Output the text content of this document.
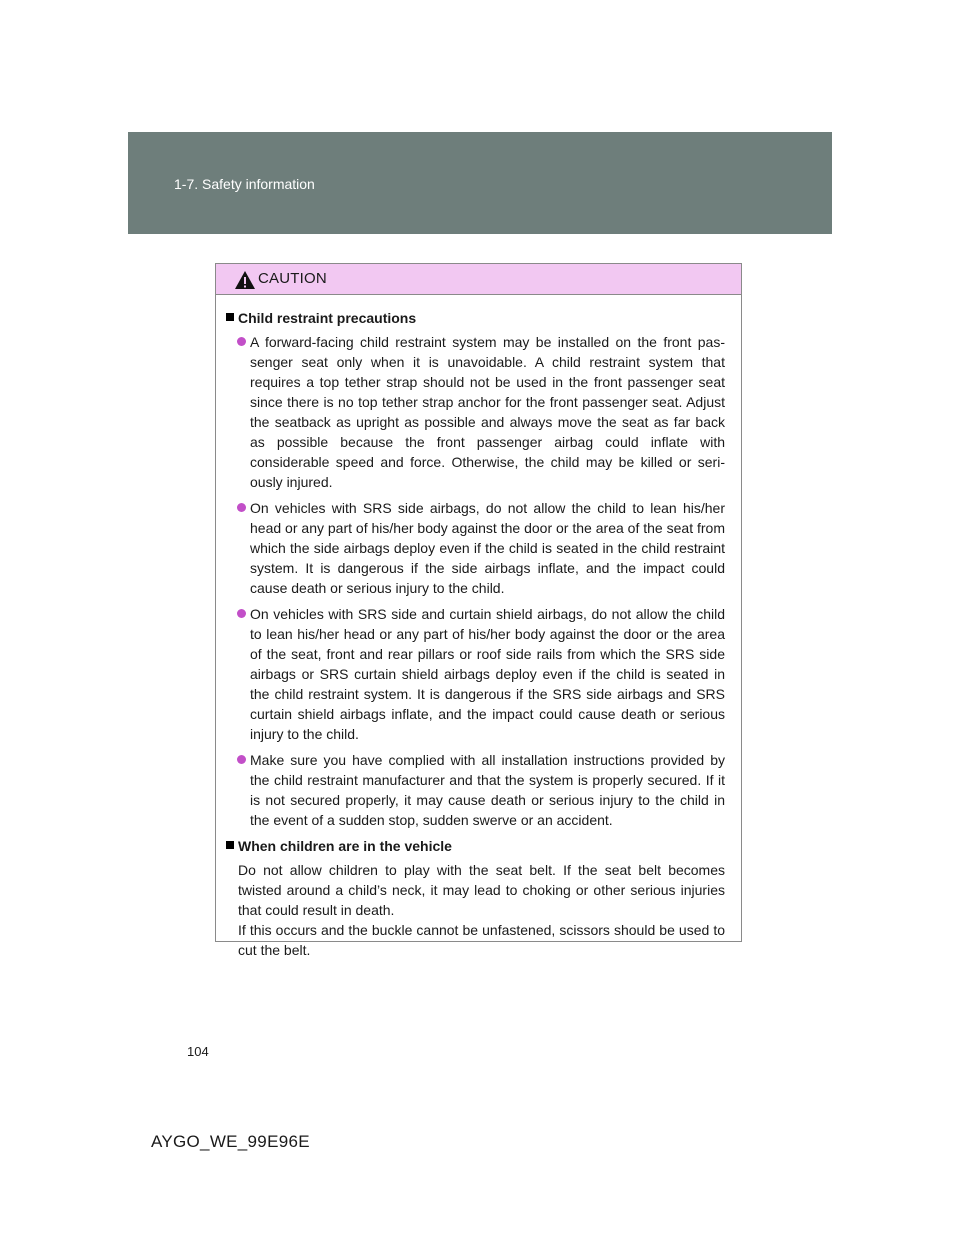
1-7. Safety information
CAUTION
Child restraint precautions
A forward-facing child restraint system may be installed on the front pas-senger seat only when it is unavoidable. A child restraint system that requires a top tether strap should not be used in the front passenger seat since there is no top tether strap anchor for the front passenger seat. Adjust the seatback as upright as possible and always move the seat as far back as possible because the front passenger airbag could inflate with considerable speed and force. Otherwise, the child may be killed or seri-ously injured.
On vehicles with SRS side airbags, do not allow the child to lean his/her head or any part of his/her body against the door or the area of the seat from which the side airbags deploy even if the child is seated in the child restraint system. It is dangerous if the side airbags inflate, and the impact could cause death or serious injury to the child.
On vehicles with SRS side and curtain shield airbags, do not allow the child to lean his/her head or any part of his/her body against the door or the area of the seat, front and rear pillars or roof side rails from which the SRS side airbags or SRS curtain shield airbags deploy even if the child is seated in the child restraint system. It is dangerous if the SRS side airbags and SRS curtain shield airbags inflate, and the impact could cause death or serious injury to the child.
Make sure you have complied with all installation instructions provided by the child restraint manufacturer and that the system is properly secured. If it is not secured properly, it may cause death or serious injury to the child in the event of a sudden stop, sudden swerve or an accident.
When children are in the vehicle
Do not allow children to play with the seat belt. If the seat belt becomes twisted around a child’s neck, it may lead to choking or other serious injuries that could result in death.
If this occurs and the buckle cannot be unfastened, scissors should be used to cut the belt.
104
AYGO_WE_99E96E
